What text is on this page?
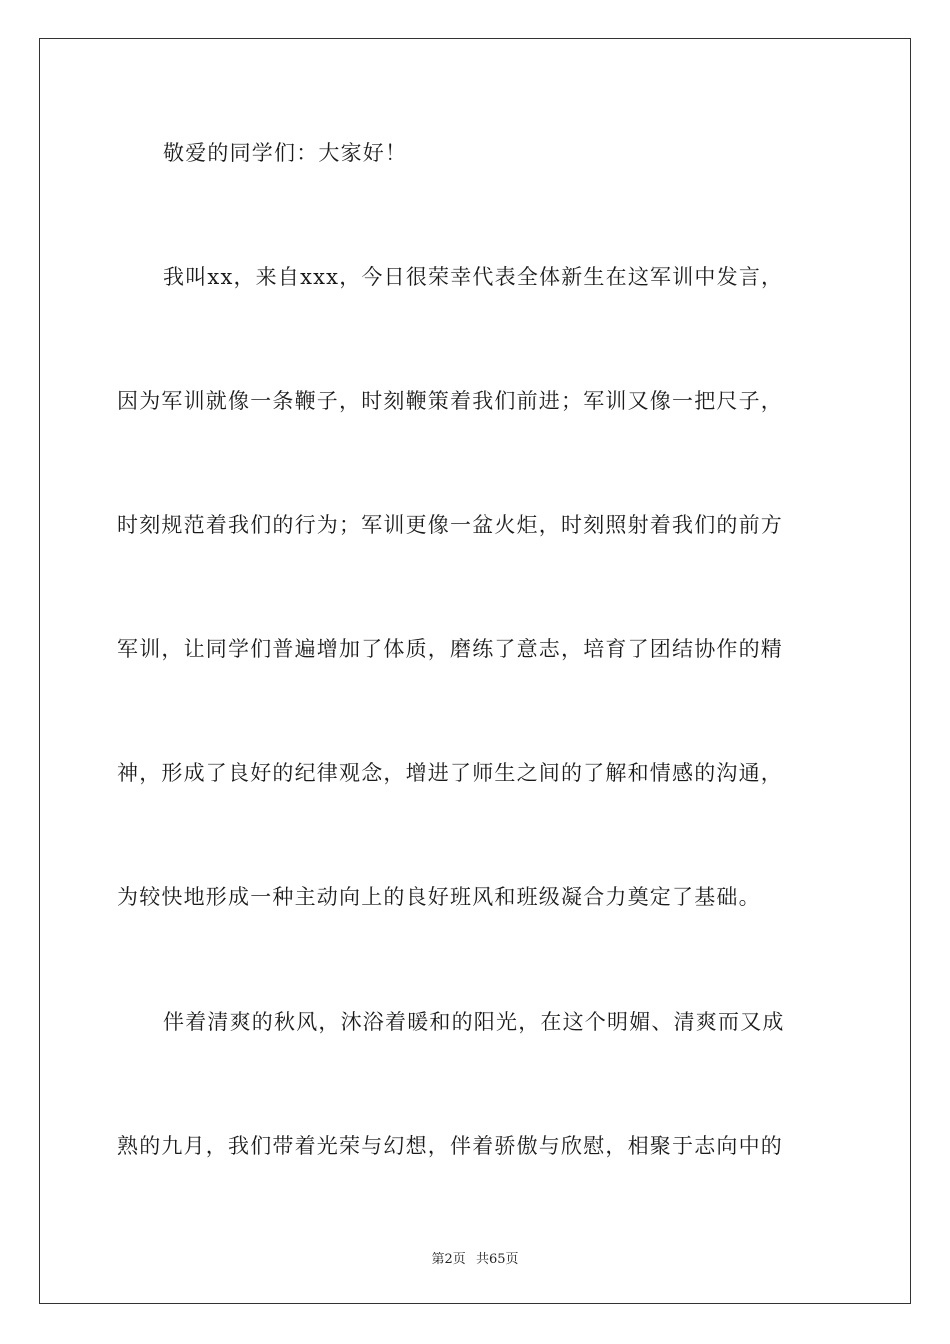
敬爱的同学们：大家好！
我叫xx，来自xxx，今日很荣幸代表全体新生在这军训中发言，
因为军训就像一条鞭子，时刻鞭策着我们前进；军训又像一把尺子，
时刻规范着我们的行为；军训更像一盆火炬，时刻照射着我们的前方
军训，让同学们普遍增加了体质，磨练了意志，培育了团结协作的精
神，形成了良好的纪律观念，增进了师生之间的了解和情感的沟通，
为较快地形成一种主动向上的良好班风和班级凝合力奠定了基础。
伴着清爽的秋风，沐浴着暖和的阳光，在这个明媚、清爽而又成
熟的九月，我们带着光荣与幻想，伴着骄傲与欣慰，相聚于志向中的
第2页 共65页
